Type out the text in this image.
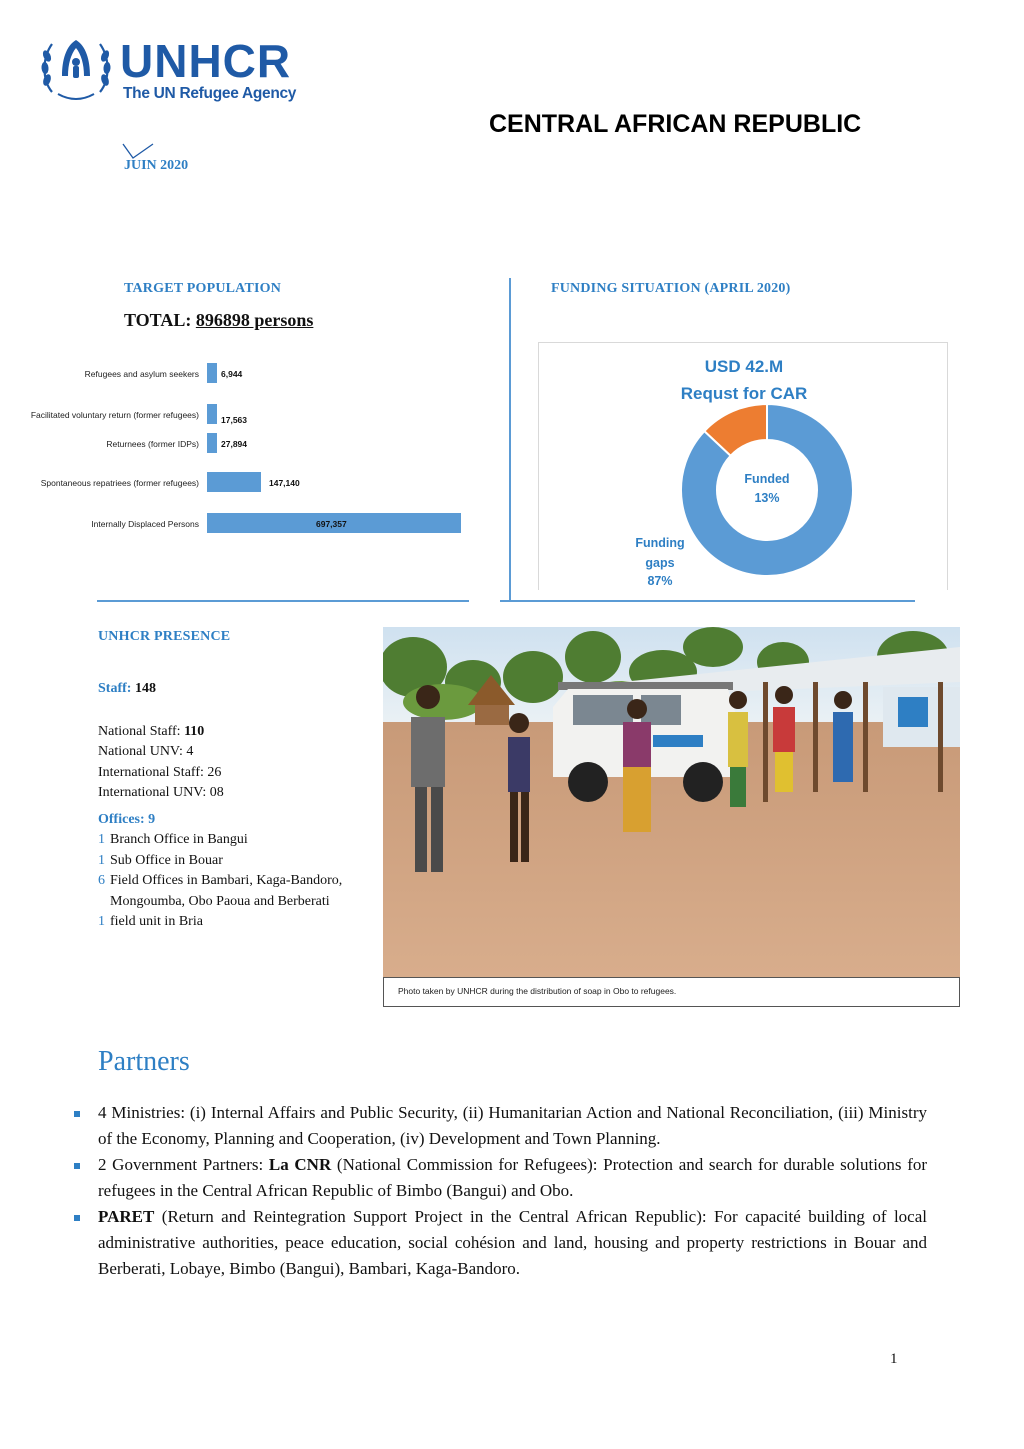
UNHCR
The UN Refugee Agency
CENTRAL AFRICAN REPUBLIC
JUIN 2020
TARGET POPULATION
TOTAL: 896898 persons
Refugees and asylum seekers	6,944
Facilitated voluntary return (former refugees)	17,563
Returnees (former IDPs)	27,894
Spontaneous repatriees (former refugees)	147,140
Internally Displaced Persons	697,357
FUNDING SITUATION (APRIL 2020)
USD 42.M
Requst for CAR
Funded
13%
Funding
gaps
87%
UNHCR PRESENCE

Staff: 148

National Staff: 110

National UNV: 4

International Staff: 26

International UNV: 08

Offices: 9

1 Branch Office in Bangui
1 Sub Office in Bouar
6 Field Offices in Bambari, Kaga-Bandoro, Mongoumba, Obo Paoua and Berberati
1 field unit in Bria
Photo taken by UNHCR during the distribution of soap in Obo to refugees.
Partners
4 Ministries: (i) Internal Affairs and Public Security, (ii) Humanitarian Action and National Reconciliation, (iii) Ministry of the Economy, Planning and Cooperation, (iv) Development and Town Planning.
2 Government Partners: La CNR (National Commission for Refugees): Protection and search for durable solutions for refugees in the Central African Republic of Bimbo (Bangui) and Obo.
PARET (Return and Reintegration Support Project in the Central African Republic): For capacité building of local administrative authorities, peace education, social cohésion and land, housing and property restrictions in Bouar and Berberati, Lobaye, Bimbo (Bangui), Bambari, Kaga-Bandoro.
1
